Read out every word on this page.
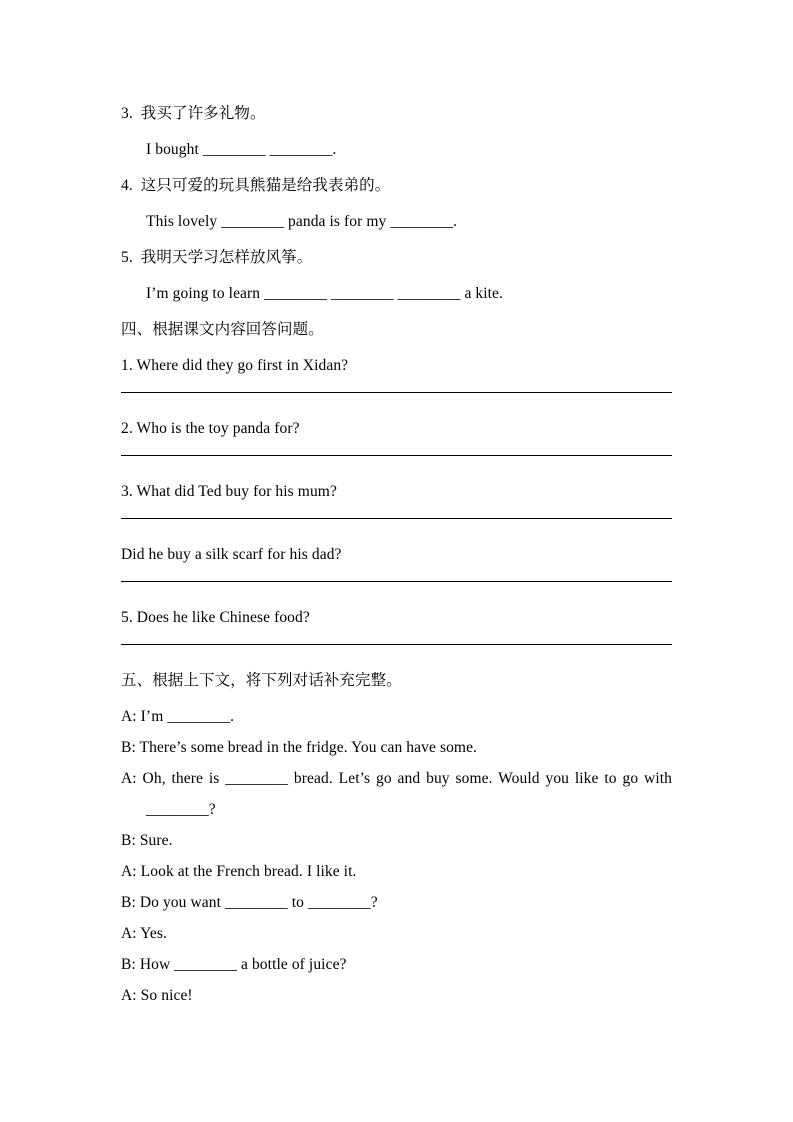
3.  我买了许多礼物。
I bought ________ ________.
4.  这只可爱的玩具熊猫是给我表弟的。
This lovely ________ panda is for my ________.
5.  我明天学习怎样放风筝。
I’m going to learn ________ ________ ________ a kite.
四、根据课文内容回答问题。
1. Where did they go first in Xidan?
2. Who is the toy panda for?
3. What did Ted buy for his mum?
Did he buy a silk scarf for his dad?
5. Does he like Chinese food?
五、根据上下文，将下列对话补充完整。
A: I’m ________.
B: There’s some bread in the fridge. You can have some.
A: Oh, there is ________ bread. Let’s go and buy some. Would you like to go with
________?
B: Sure.
A: Look at the French bread. I like it.
B: Do you want ________ to ________?
A: Yes.
B: How ________ a bottle of juice?
A: So nice!
